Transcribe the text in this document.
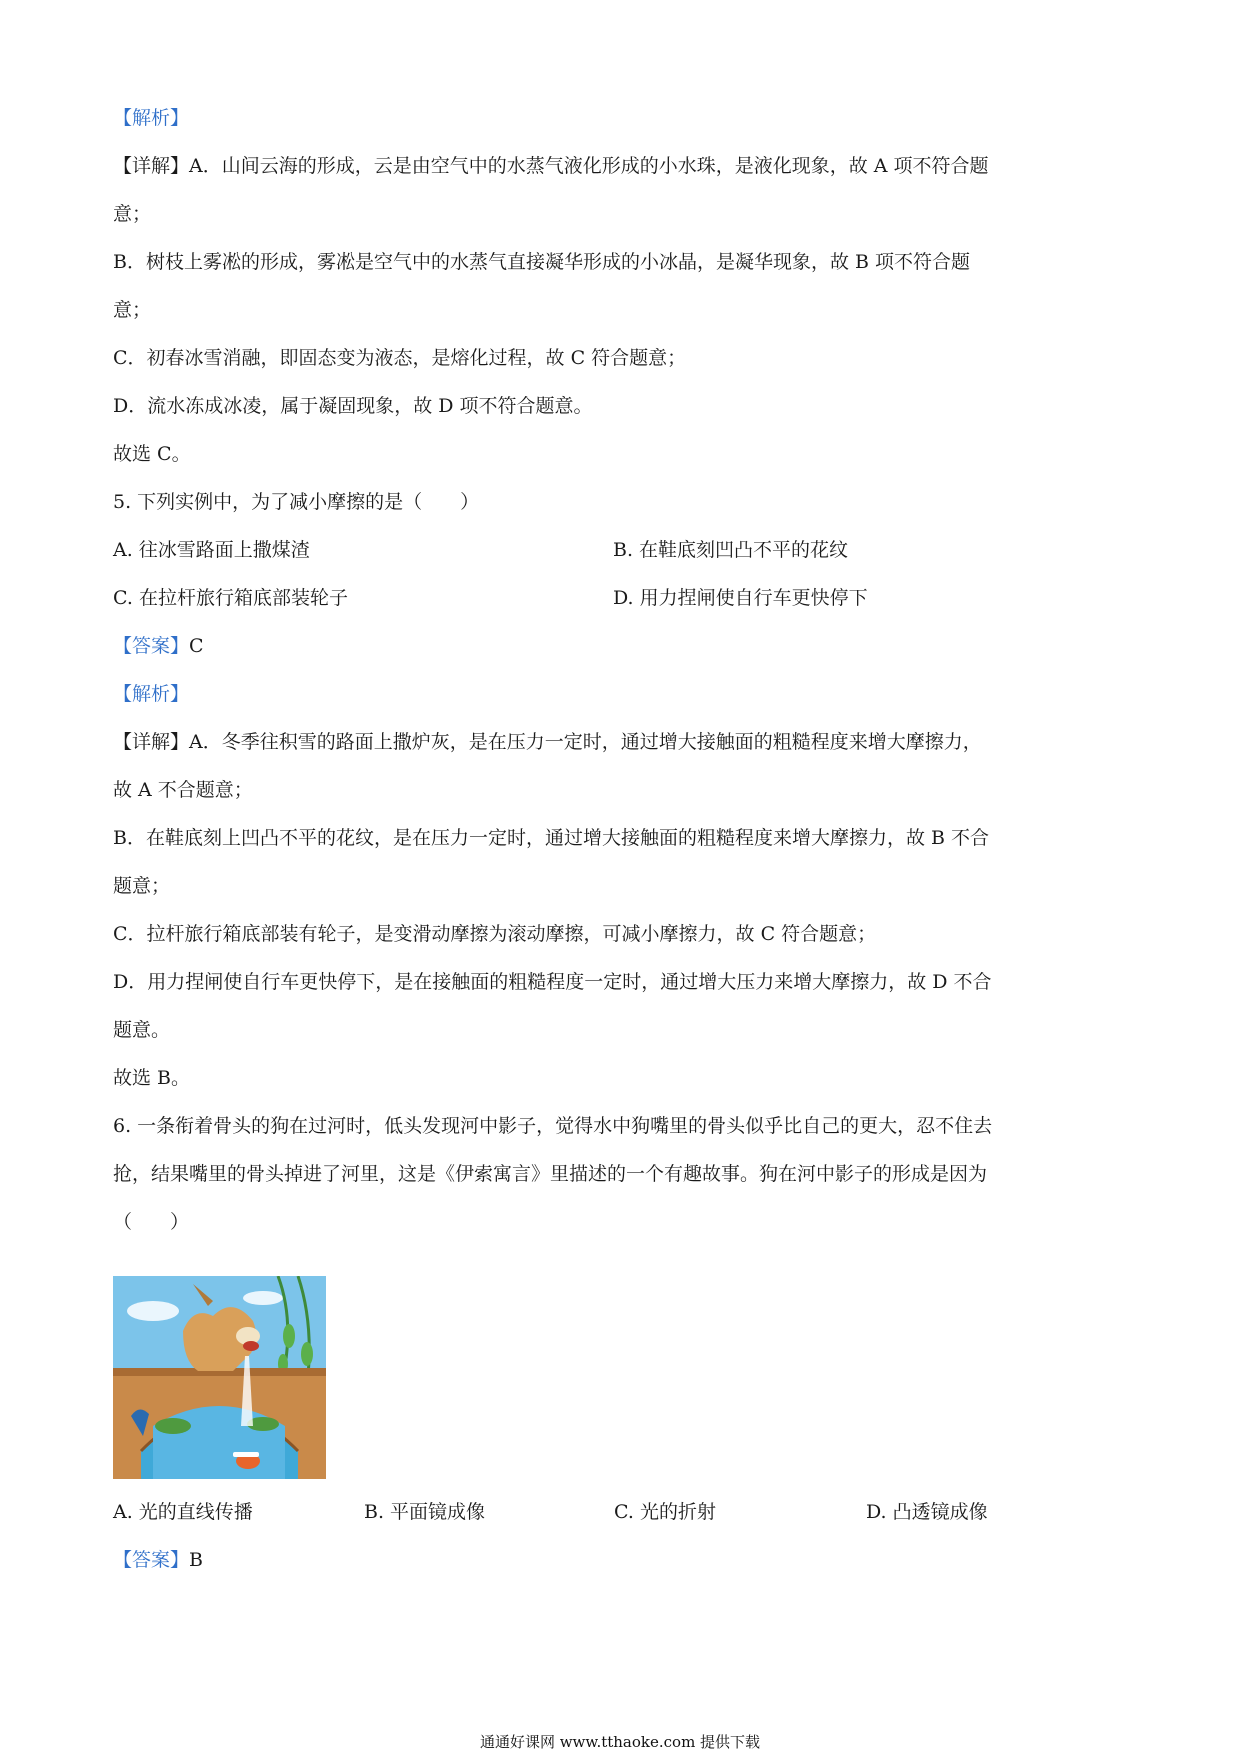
【解析】
【详解】A．山间云海的形成，云是由空气中的水蒸气液化形成的小水珠，是液化现象，故 A 项不符合题
意；
B．树枝上雾凇的形成，雾凇是空气中的水蒸气直接凝华形成的小冰晶，是凝华现象，故 B 项不符合题
意；
C．初春冰雪消融，即固态变为液态，是熔化过程，故 C 符合题意；
D．流水冻成冰凌，属于凝固现象，故 D 项不符合题意。
故选 C。
5. 下列实例中，为了减小摩擦的是（　　）
A. 往冰雪路面上撒煤渣	B. 在鞋底刻凹凸不平的花纹
C. 在拉杆旅行箱底部装轮子	D. 用力捏闸使自行车更快停下
【答案】C
【解析】
【详解】A．冬季往积雪的路面上撒炉灰，是在压力一定时，通过增大接触面的粗糙程度来增大摩擦力，
故 A 不合题意；
B．在鞋底刻上凹凸不平的花纹，是在压力一定时，通过增大接触面的粗糙程度来增大摩擦力，故 B 不合
题意；
C．拉杆旅行箱底部装有轮子，是变滑动摩擦为滚动摩擦，可减小摩擦力，故 C 符合题意；
D．用力捏闸使自行车更快停下，是在接触面的粗糙程度一定时，通过增大压力来增大摩擦力，故 D 不合
题意。
故选 B。
6. 一条衔着骨头的狗在过河时，低头发现河中影子，觉得水中狗嘴里的骨头似乎比自己的更大，忍不住去
抢，结果嘴里的骨头掉进了河里，这是《伊索寓言》里描述的一个有趣故事。狗在河中影子的形成是因为
（　　）
A. 光的直线传播	B. 平面镜成像	C. 光的折射	D. 凸透镜成像
【答案】B
通通好课网 www.tthaoke.com 提供下载
